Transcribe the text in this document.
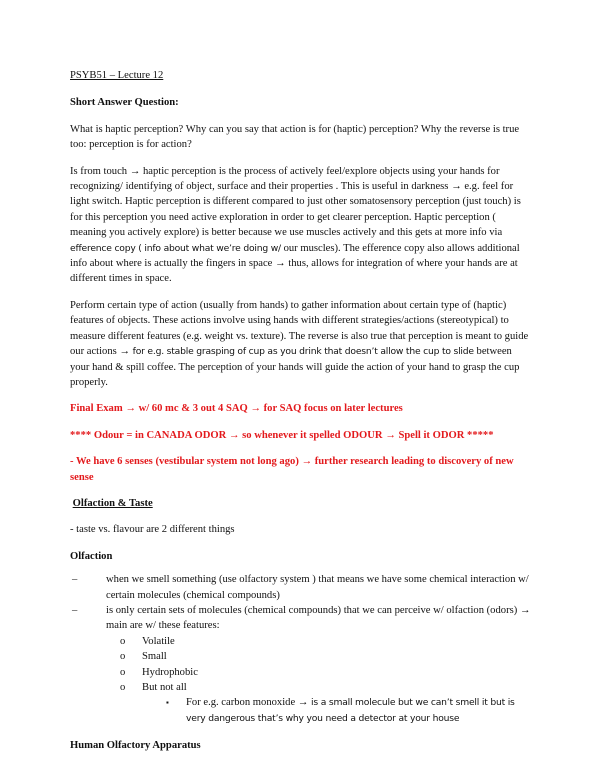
PSYB51 – Lecture 12

Short Answer Question:

What is haptic perception? Why can you say that action is for (haptic) perception? Why the reverse is true too: perception is for action?

Is from touch → haptic perception is the process of actively feel/explore objects using your hands for recognizing/ identifying of object, surface and their properties . This is useful in darkness → e.g. feel for light switch. Haptic perception is different compared to just other somatosensory perception (just touch) is for this perception you need active exploration in order to get clearer perception. Haptic perception ( meaning you actively explore) is better because we use muscles actively and this gets at more info via efference copy ( info about what we’re doing w/ our muscles). The efference copy also allows additional info about where is actually the fingers in space → thus, allows for integration of where your hands are at different times in space.

Perform certain type of action (usually from hands) to gather information about certain type of (haptic) features of objects. These actions involve using hands with different strategies/actions (stereotypical) to measure different features (e.g. weight vs. texture). The reverse is also true that perception is meant to guide our actions → for e.g. stable grasping of cup as you drink that doesn’t allow the cup to slide between your hand & spill coffee. The perception of your hands will guide the action of your hand to grasp the cup properly.

Final Exam → w/ 60 mc & 3 out 4 SAQ → for SAQ focus on later lectures

**** Odour = in CANADA ODOR → so whenever it spelled ODOUR → Spell it ODOR *****

- We have 6 senses (vestibular system not long ago) → further research leading to discovery of new sense

Olfaction & Taste

- taste vs. flavour are 2 different things

Olfaction

–	when we smell something (use olfactory system ) that means we have some chemical interaction w/ certain molecules (chemical compounds)
–	is only certain sets of molecules (chemical compounds) that we can perceive w/ olfaction (odors) → main are w/ these features:
o Volatile
o Small
o Hydrophobic
o But not all
▪ For e.g. carbon monoxide → is a small molecule but we can’t smell it but is very dangerous that’s why you need a detector at your house

Human Olfactory Apparatus
